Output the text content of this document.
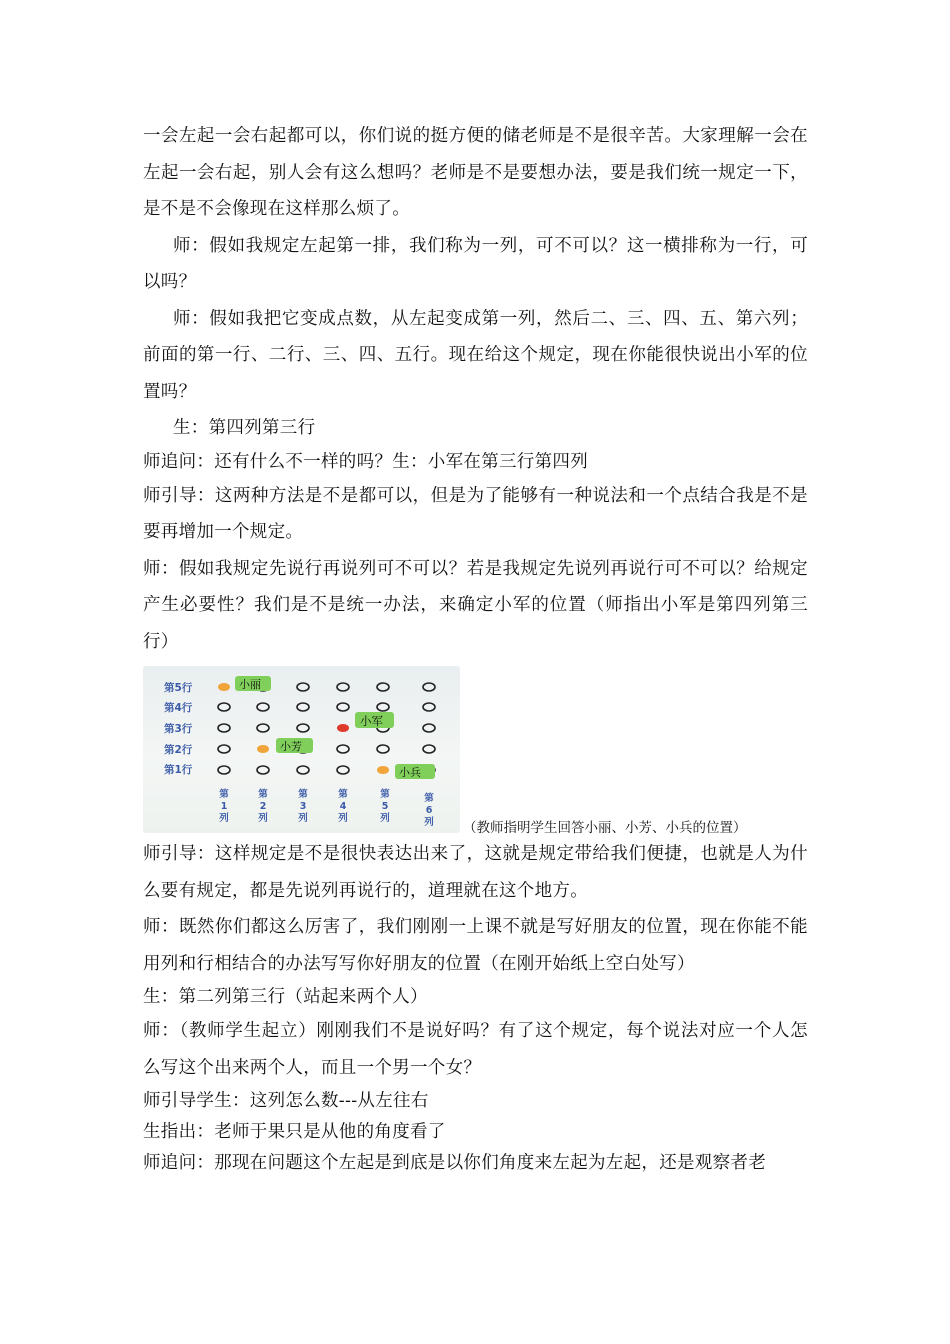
一会左起一会右起都可以，你们说的挺方便的储老师是不是很辛苦。大家理解一会在左起一会右起，别人会有这么想吗？老师是不是要想办法，要是我们统一规定一下，是不是不会像现在这样那么烦了。

师：假如我规定左起第一排，我们称为一列，可不可以？这一横排称为一行，可以吗？

师：假如我把它变成点数，从左起变成第一列，然后二、三、四、五、第六列；前面的第一行、二行、三、四、五行。现在给这个规定，现在你能很快说出小军的位置吗？

生：第四列第三行

师追问：还有什么不一样的吗？生：小军在第三行第四列

师引导：这两种方法是不是都可以，但是为了能够有一种说法和一个点结合我是不是要再增加一个规定。

师：假如我规定先说行再说列可不可以？若是我规定先说列再说行可不可以？给规定产生必要性？我们是不是统一办法，来确定小军的位置（师指出小军是第四列第三行）

第5行
第4行
第3行
第2行
第1行
第 1 列
第 2 列
第 3 列
第 4 列
第 5 列
第 6 列
小丽
小军
小芳
小兵
（教师指明学生回答小丽、小芳、小兵的位置）

师引导：这样规定是不是很快表达出来了，这就是规定带给我们便捷，也就是人为什么要有规定，都是先说列再说行的，道理就在这个地方。

师：既然你们都这么厉害了，我们刚刚一上课不就是写好朋友的位置，现在你能不能用列和行相结合的办法写写你好朋友的位置（在刚开始纸上空白处写）

生：第二列第三行（站起来两个人）

师：（教师学生起立）刚刚我们不是说好吗？有了这个规定，每个说法对应一个人怎么写这个出来两个人，而且一个男一个女？

师引导学生：这列怎么数---从左往右

生指出：老师于果只是从他的角度看了

师追问：那现在问题这个左起是到底是以你们角度来左起为左起，还是观察者老
